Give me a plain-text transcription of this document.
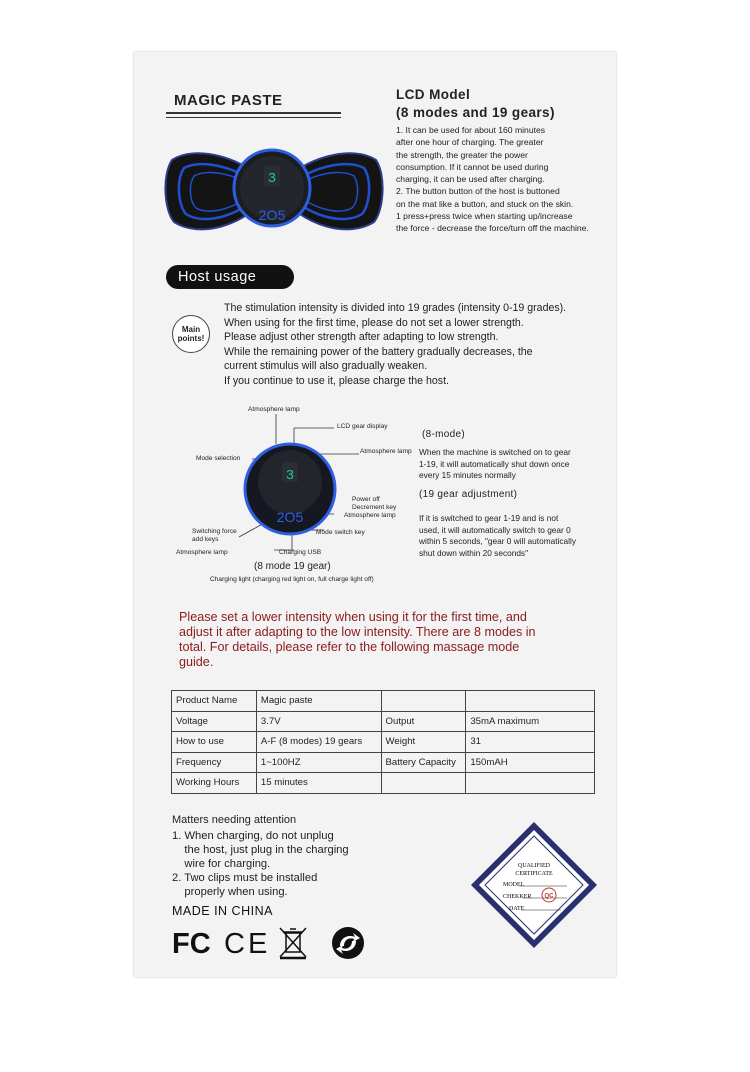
MAGIC PASTE	LCD Model
(8 modes and 19 gears)
1. It can be used for about 160 minutes
after one hour of charging. The greater
the strength, the greater the power
consumption. If it cannot be used during
charging, it can be used after charging.
2. The button button of the host is buttoned
on the mat like a button, and stuck on the skin.
1 press+press twice when starting up/increase
the force - decrease the force/turn off the machine.
3
2O5
Host usage
Main points!
The stimulation intensity is divided into 19 grades (intensity 0-19 grades).
When using for the first time, please do not set a lower strength.
Please adjust other strength after adapting to low strength.
While the remaining power of the battery gradually decreases, the
current stimulus will also gradually weaken.
If you continue to use it, please charge the host.
3
2O5
Atmosphere lamp
LCD gear display
Mode selection
Atmosphere lamp
Power off
Decrement key
Atmosphere lamp
Switching force
add keys
Mode switch key
Atmosphere lamp	Charging USB
(8 mode 19 gear)
Charging light (charging red light on, full charge light off)
(8-mode)
When the machine is switched on to gear
1-19, it will automatically shut down once
every 15 minutes normally
(19 gear adjustment)
If it is switched to gear 1-19 and is not
used, it will automatically switch to gear 0
within 5 seconds, "gear 0 will automatically
shut down within 20 seconds"
Please set a lower intensity when using it for the first time, and
adjust it after adapting to the low intensity. There are 8 modes in
total. For details, please refer to the following massage mode
guide.
Product Name	Magic paste		
Voltage	3.7V	Output	35mA maximum
How to use	A-F (8 modes) 19 gears	Weight	31
Frequency	1~100HZ	Battery Capacity	150mAH
Working Hours	15 minutes		
Matters needing attention
1. When charging, do not unplug
the host, just plug in the charging
wire for charging.
2. Two clips must be installed
properly when using.
MADE IN CHINA
FC CE
QUALIFIED
CERTIFICATE
MODEL
CHEKKER
DATE
QC
